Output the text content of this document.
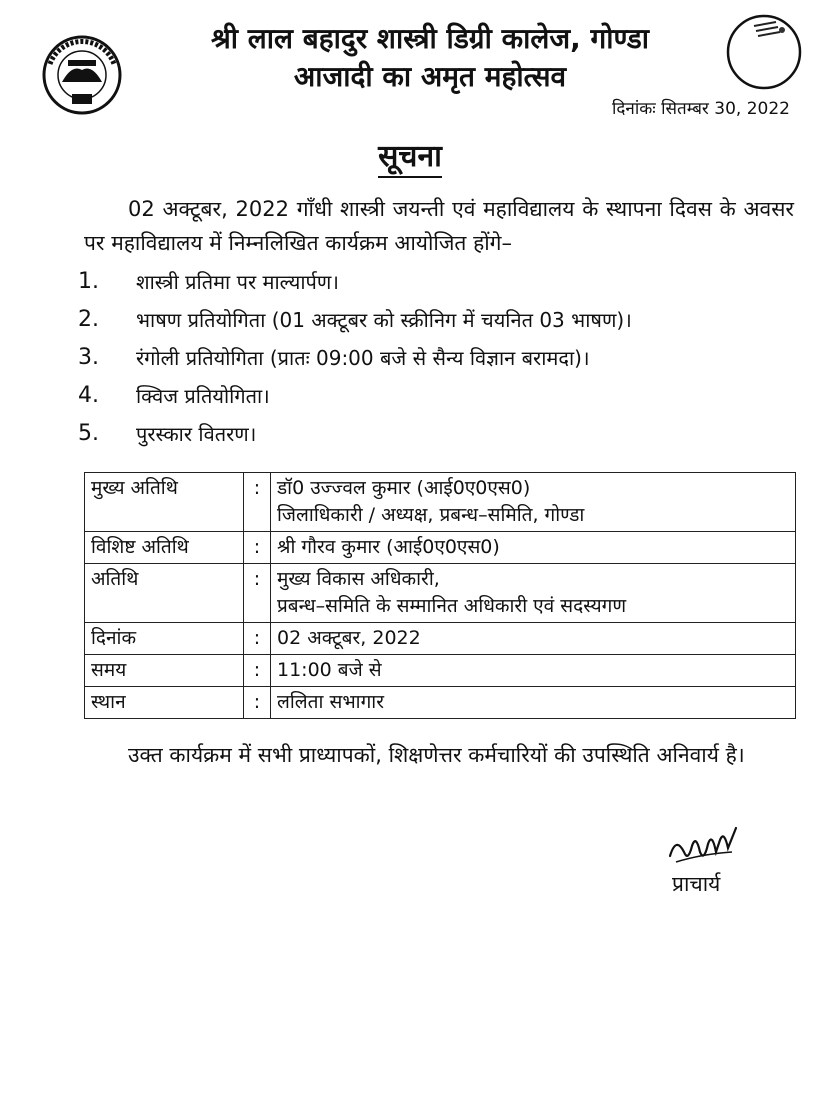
श्री लाल बहादुर शास्त्री डिग्री कालेज, गोण्डा
आजादी का अमृत महोत्सव
दिनांकः सितम्बर 30, 2022
सूचना
02 अक्टूबर, 2022 गाँधी शास्त्री जयन्ती एवं महाविद्यालय के स्थापना दिवस के अवसर पर महाविद्यालय में निम्नलिखित कार्यक्रम आयोजित होंगे–
1.	शास्त्री प्रतिमा पर माल्यार्पण।
2.	भाषण प्रतियोगिता (01 अक्टूबर को स्क्रीनिग में चयनित 03 भाषण)।
3.	रंगोली प्रतियोगिता (प्रातः 09:00 बजे से सैन्य विज्ञान बरामदा)।
4.	क्विज प्रतियोगिता।
5.	पुरस्कार वितरण।
मुख्य अतिथि	:	डॉ0 उज्ज्वल कुमार (आई0ए0एस0)
जिलाधिकारी / अध्यक्ष, प्रबन्ध–समिति, गोण्डा

विशिष्ट अतिथि	:	श्री गौरव कुमार (आई0ए0एस0)
अतिथि	:	मुख्य विकास अधिकारी,
प्रबन्ध–समिति के सम्मानित अधिकारी एवं सदस्यगण

दिनांक	:	02 अक्टूबर, 2022
समय	:	11:00 बजे से
स्थान	:	ललिता सभागार
उक्त कार्यक्रम में सभी प्राध्यापकों, शिक्षणेत्तर कर्मचारियों की उपस्थिति अनिवार्य है।
प्राचार्य
